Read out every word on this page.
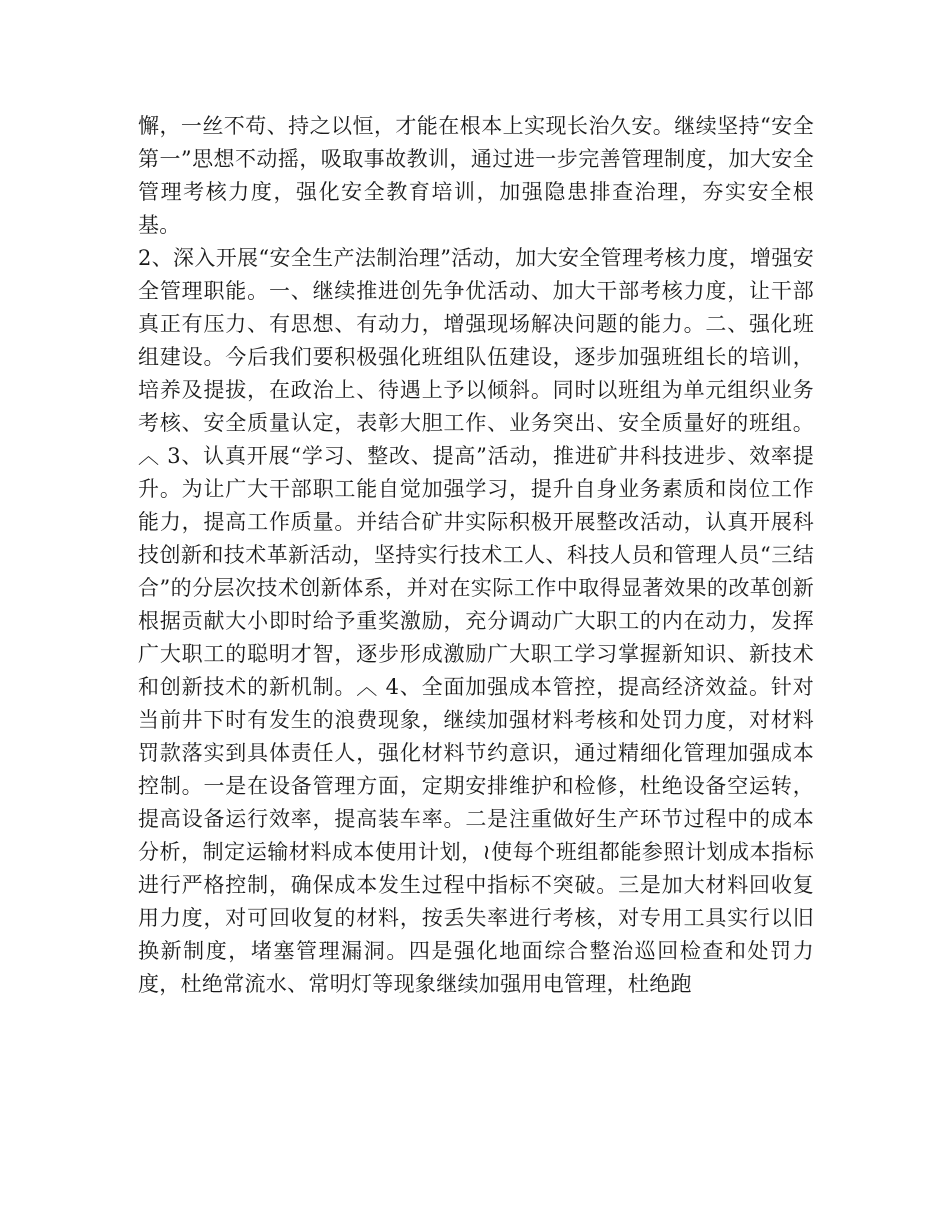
懈，一丝不苟、持之以恒，才能在根本上实现长治久安。继续坚持“安全第一”思想不动摇，吸取事故教训，通过进一步完善管理制度，加大安全管理考核力度，强化安全教育培训，加强隐患排查治理，夯实安全根基。

2、深入开展“安全生产法制治理”活动，加大安全管理考核力度，增强安全管理职能。一、继续推进创先争优活动、加大干部考核力度，让干部真正有压力、有思想、有动力，增强现场解决问题的能力。二、强化班组建设。今后我们要积极强化班组队伍建设，逐步加强班组长的培训，培养及提拔，在政治上、待遇上予以倾斜。同时以班组为单元组织业务考核、安全质量认定，表彰大胆工作、业务突出、安全质量好的班组。︿ 3、认真开展“学习、整改、提高”活动，推进矿井科技进步、效率提升。为让广大干部职工能自觉加强学习，提升自身业务素质和岗位工作能力，提高工作质量。并结合矿井实际积极开展整改活动，认真开展科技创新和技术革新活动，坚持实行技术工人、科技人员和管理人员“三结合”的分层次技术创新体系，并对在实际工作中取得显著效果的改革创新根据贡献大小即时给予重奖激励，充分调动广大职工的内在动力，发挥广大职工的聪明才智，逐步形成激励广大职工学习掌握新知识、新技术和创新技术的新机制。︿ 4、全面加强成本管控，提高经济效益。针对当前井下时有发生的浪费现象，继续加强材料考核和处罚力度，对材料罚款落实到具体责任人，强化材料节约意识，通过精细化管理加强成本控制。一是在设备管理方面，定期安排维护和检修，杜绝设备空运转，提高设备运行效率，提高装车率。二是注重做好生产环节过程中的成本分析，制定运输材料成本使用计划，≀使每个班组都能参照计划成本指标进行严格控制，确保成本发生过程中指标不突破。三是加大材料回收复用力度，对可回收复的材料，按丢失率进行考核，对专用工具实行以旧换新制度，堵塞管理漏洞。四是强化地面综合整治巡回检查和处罚力度，杜绝常流水、常明灯等现象继续加强用电管理，杜绝跑
